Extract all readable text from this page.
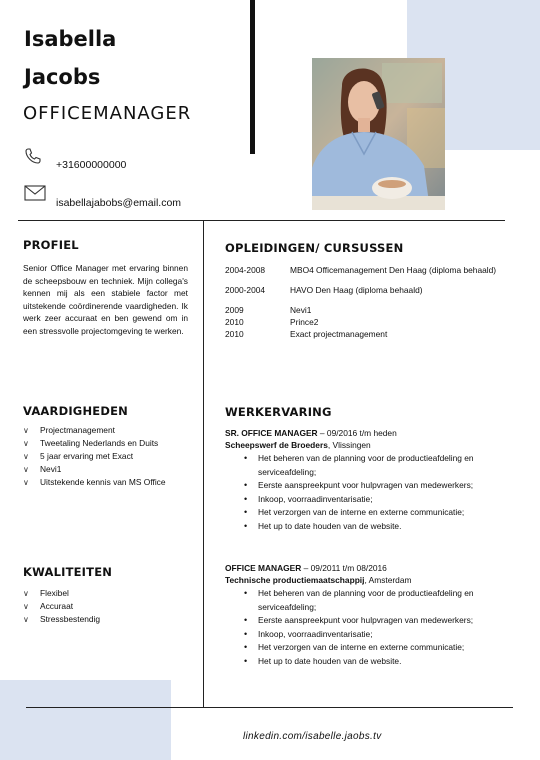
Isabella
Jacobs
OFFICEMANAGER
+31600000000
isabellajabobs@email.com
PROFIEL
Senior Office Manager met ervaring binnen de scheepsbouw en techniek. Mijn collega's kennen mij als een stabiele factor met uitstekende coördinerende vaardigheden. Ik werk zeer accuraat en ben gewend om in een stressvolle projectomgeving te werken.
VAARDIGHEDEN
∨	Projectmanagement
∨	Tweetaling Nederlands en Duits
∨	5 jaar ervaring met Exact
∨	Nevi1
∨	Uitstekende kennis van MS Office
KWALITEITEN
∨	Flexibel
∨	Accuraat
∨	Stressbestendig
OPLEIDINGEN/ CURSUSSEN
2004-2008	MBO4 Officemanagement Den Haag (diploma behaald)
2000-2004	HAVO Den Haag (diploma behaald)
2009	Nevi1
2010	Prince2
2010	Exact projectmanagement
WERKERVARING
SR. OFFICE MANAGER – 09/2016 t/m heden
Scheepswerf de Broeders, Vlissingen
• Het beheren van de planning voor de productieafdeling en serviceafdeling;
• Eerste aanspreekpunt voor hulpvragen van medewerkers;
• Inkoop, voorraadinventarisatie;
• Het verzorgen van de interne en externe communicatie;
• Het up to date houden van de website.
OFFICE MANAGER – 09/2011 t/m 08/2016
Technische productiemaatschappij, Amsterdam
• Het beheren van de planning voor de productieafdeling en serviceafdeling;
• Eerste aanspreekpunt voor hulpvragen van medewerkers;
• Inkoop, voorraadinventarisatie;
• Het verzorgen van de interne en externe communicatie;
• Het up to date houden van de website.
linkedin.com/isabelle.jaobs.tv
